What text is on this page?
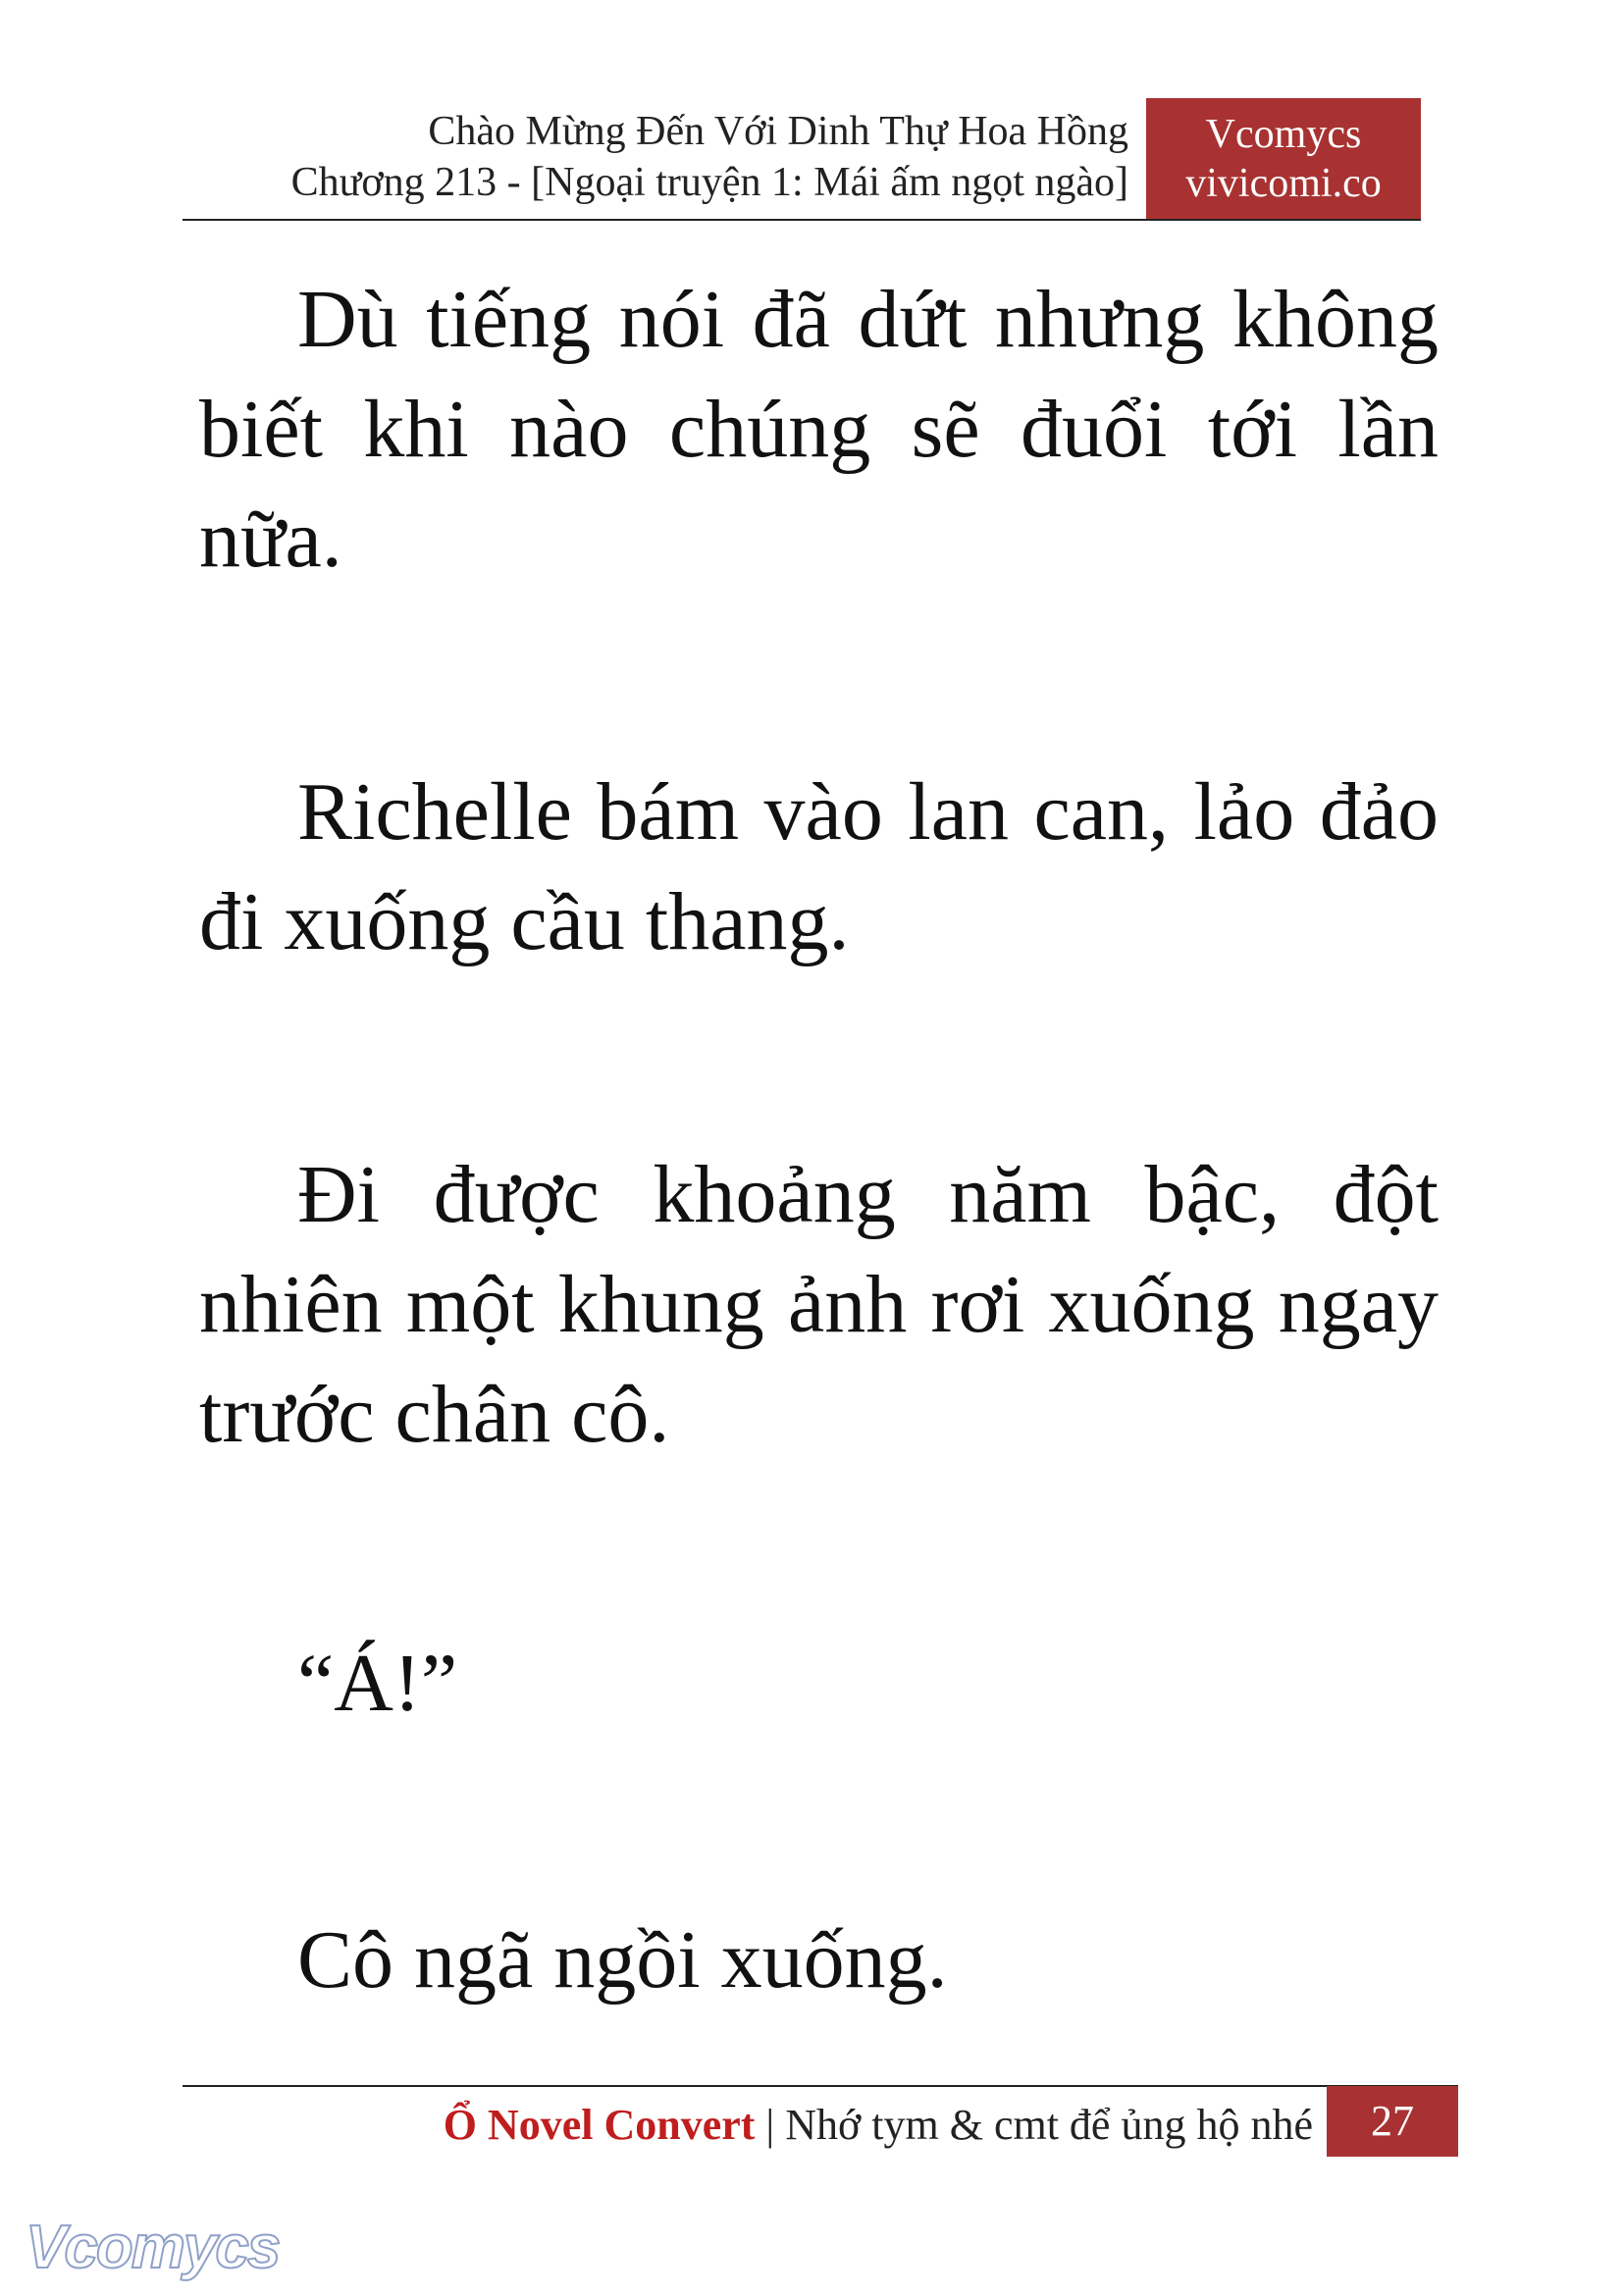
Chào Mừng Đến Với Dinh Thự Hoa Hồng
Chương 213 - [Ngoại truyện 1: Mái ấm ngọt ngào]
Vcomycs
vivicomi.co

Dù tiếng nói đã dứt nhưng không biết khi nào chúng sẽ đuổi tới lần nữa.

Richelle bám vào lan can, lảo đảo đi xuống cầu thang.

Đi được khoảng năm bậc, đột nhiên một khung ảnh rơi xuống ngay trước chân cô.

“Á!”

Cô ngã ngồi xuống.

Ổ Novel Convert | Nhớ tym & cmt để ủng hộ nhé	27
Vcomycs
